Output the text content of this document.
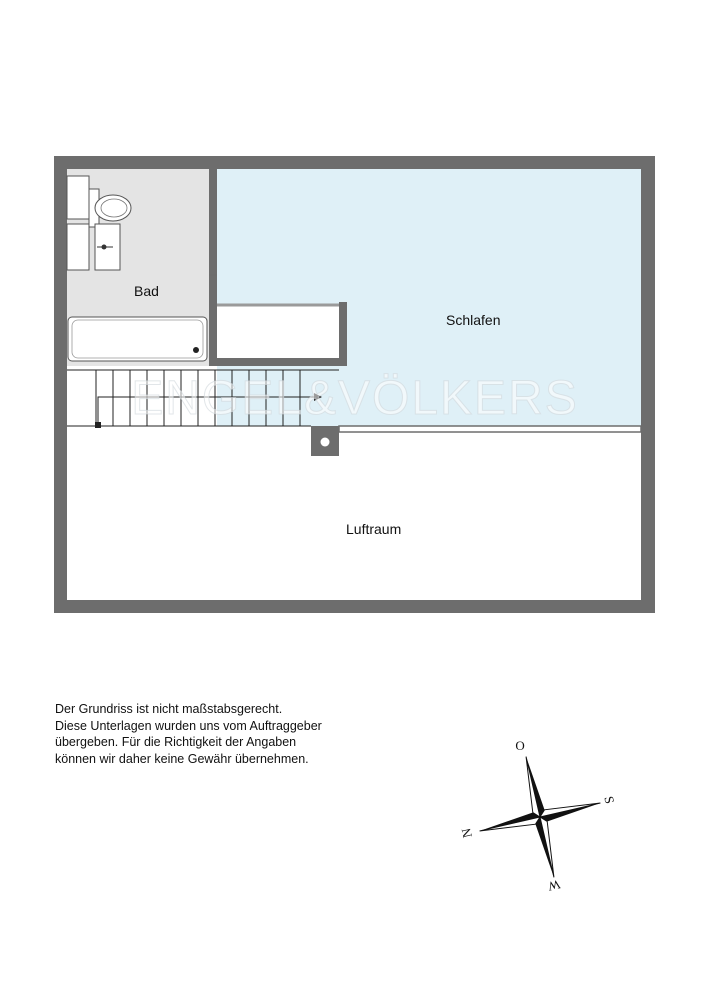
ENGEL&VÖLKERS
O
S
N
W
Bad
Schlafen
Luftraum
Der Grundriss ist nicht maßstabsgerecht.
Diese Unterlagen wurden uns vom Auftraggeber
übergeben. Für die Richtigkeit der Angaben
können wir daher keine Gewähr übernehmen.
